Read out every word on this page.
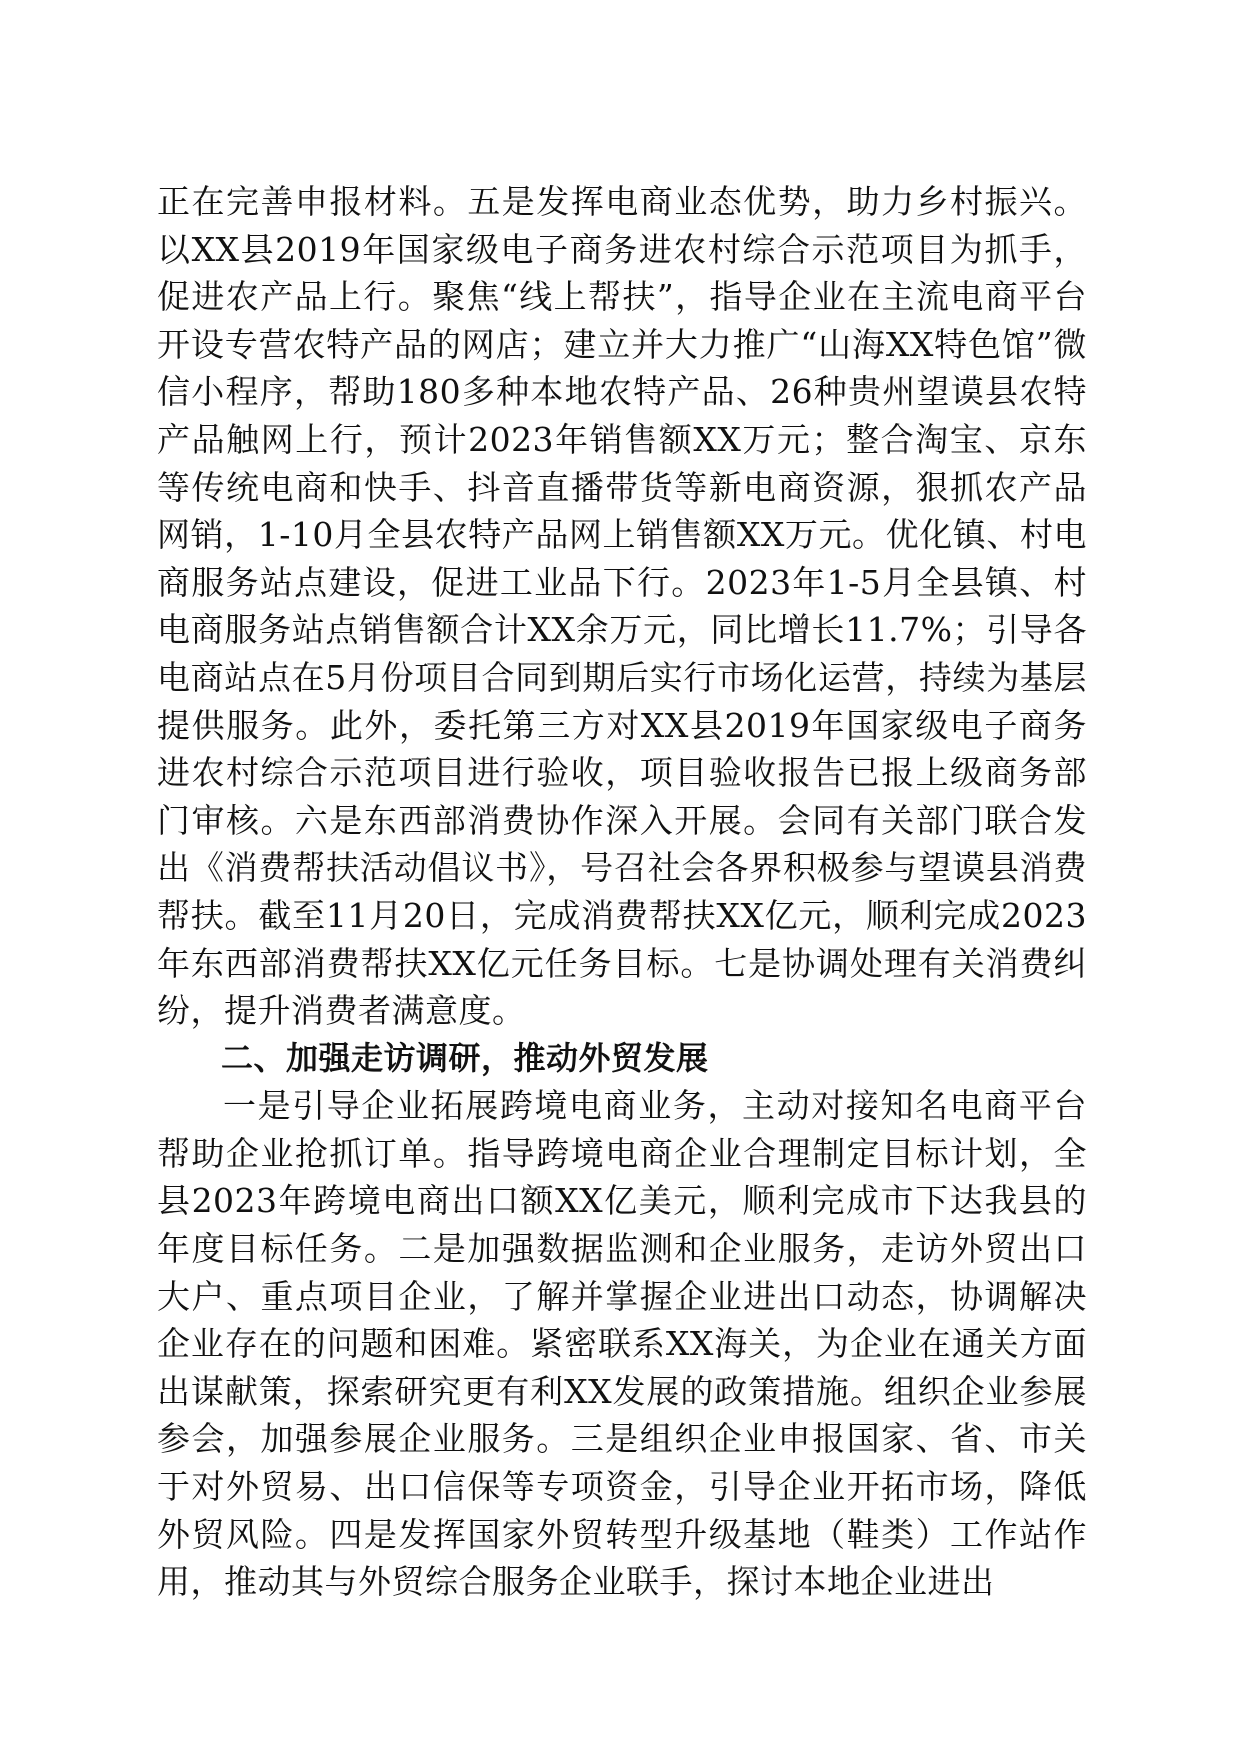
正在完善申报材料。五是发挥电商业态优势，助力乡村振兴。以XX县2019年国家级电子商务进农村综合示范项目为抓手，促进农产品上行。聚焦“线上帮扶”，指导企业在主流电商平台开设专营农特产品的网店；建立并大力推广“山海XX特色馆”微信小程序，帮助180多种本地农特产品、26种贵州望谟县农特产品触网上行，预计2023年销售额XX万元；整合淘宝、京东等传统电商和快手、抖音直播带货等新电商资源，狠抓农产品网销，1-10月全县农特产品网上销售额XX万元。优化镇、村电商服务站点建设，促进工业品下行。2023年1-5月全县镇、村电商服务站点销售额合计XX余万元，同比增长11.7%；引导各电商站点在5月份项目合同到期后实行市场化运营，持续为基层提供服务。此外，委托第三方对XX县2019年国家级电子商务进农村综合示范项目进行验收，项目验收报告已报上级商务部门审核。六是东西部消费协作深入开展。会同有关部门联合发出《消费帮扶活动倡议书》，号召社会各界积极参与望谟县消费帮扶。截至11月20日，完成消费帮扶XX亿元，顺利完成2023年东西部消费帮扶XX亿元任务目标。七是协调处理有关消费纠纷，提升消费者满意度。

二、加强走访调研，推动外贸发展

一是引导企业拓展跨境电商业务，主动对接知名电商平台帮助企业抢抓订单。指导跨境电商企业合理制定目标计划，全县2023年跨境电商出口额XX亿美元，顺利完成市下达我县的年度目标任务。二是加强数据监测和企业服务，走访外贸出口大户、重点项目企业，了解并掌握企业进出口动态，协调解决企业存在的问题和困难。紧密联系XX海关，为企业在通关方面出谋献策，探索研究更有利XX发展的政策措施。组织企业参展参会，加强参展企业服务。三是组织企业申报国家、省、市关于对外贸易、出口信保等专项资金，引导企业开拓市场，降低外贸风险。四是发挥国家外贸转型升级基地（鞋类）工作站作用，推动其与外贸综合服务企业联手，探讨本地企业进出
